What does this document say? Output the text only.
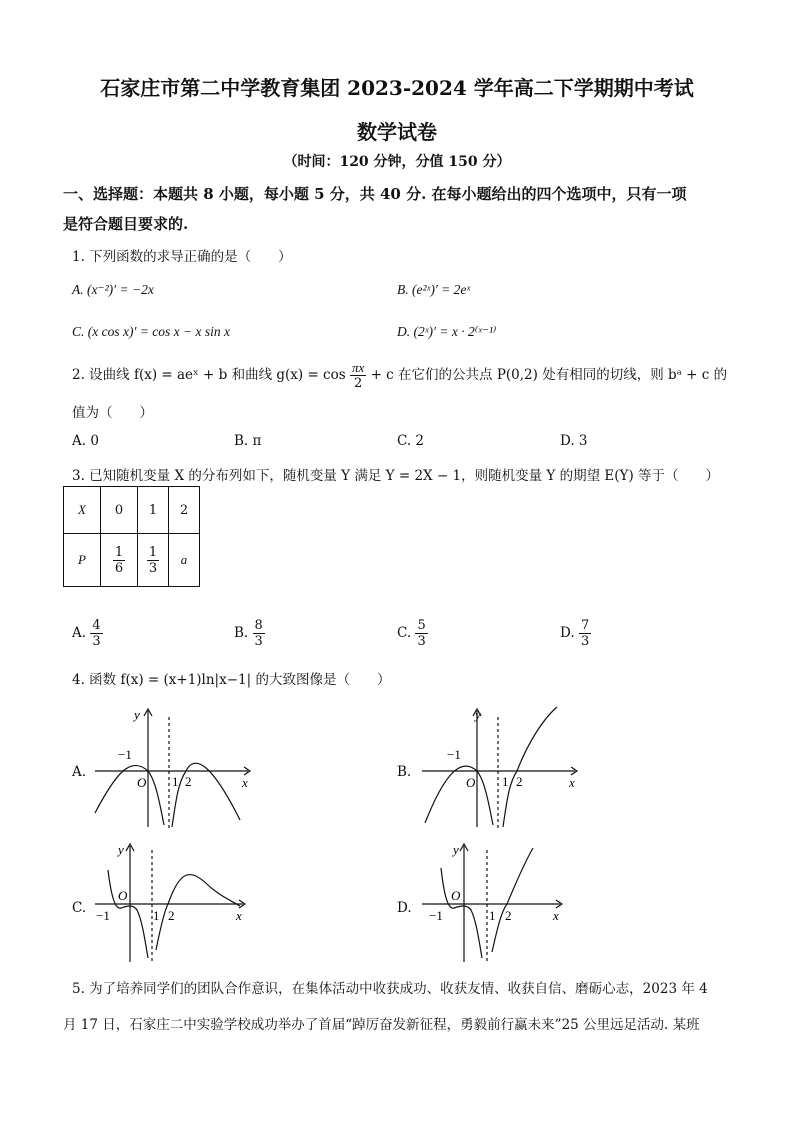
石家庄市第二中学教育集团 2023-2024 学年高二下学期期中考试
数学试卷
（时间：120 分钟，分值 150 分）
一、选择题：本题共 8 小题，每小题 5 分，共 40 分. 在每小题给出的四个选项中，只有一项
是符合题目要求的.
1. 下列函数的求导正确的是（　　）
A. (x⁻²)′ = −2x	B. (e²ˣ)′ = 2eˣ
C. (x cos x)′ = cos x − x sin x	D. (2ˣ)′ = x · 2⁽ˣ⁻¹⁾
2. 设曲线 f(x) = aeˣ + b 和曲线 $g(x) = \cos \frac{\pi x}{2} + c$ 在它们的公共点 P(0,2) 处有相同的切线，则 bᵃ + c 的
值为（　　）
A. 0	B. π	C. 2	D. 3
3. 已知随机变量 X 的分布列如下，随机变量 Y 满足 Y = 2X − 1，则随机变量 Y 的期望 E(Y) 等于（　　）
X	0	1	2
P	$\frac{1}{6}$	$\frac{1}{3}$	a
A. $\frac{4}{3}$	B. $\frac{8}{3}$	C. $\frac{5}{3}$	D. $\frac{7}{3}$
4. 函数 f(x) = (x+1)ln|x−1| 的大致图像是（　　）
A.
y
x
O
−1
1 2
B.
y
x
O
−1
1 2
C.
y
x
O
−1	1 2	D.
y
x
O
−1	1 2
5. 为了培养同学们的团队合作意识，在集体活动中收获成功、收获友情、收获自信、磨砺心志，2023 年 4
月 17 日，石家庄二中实验学校成功举办了首届“踔厉奋发新征程，勇毅前行赢未来”25 公里远足活动. 某班
